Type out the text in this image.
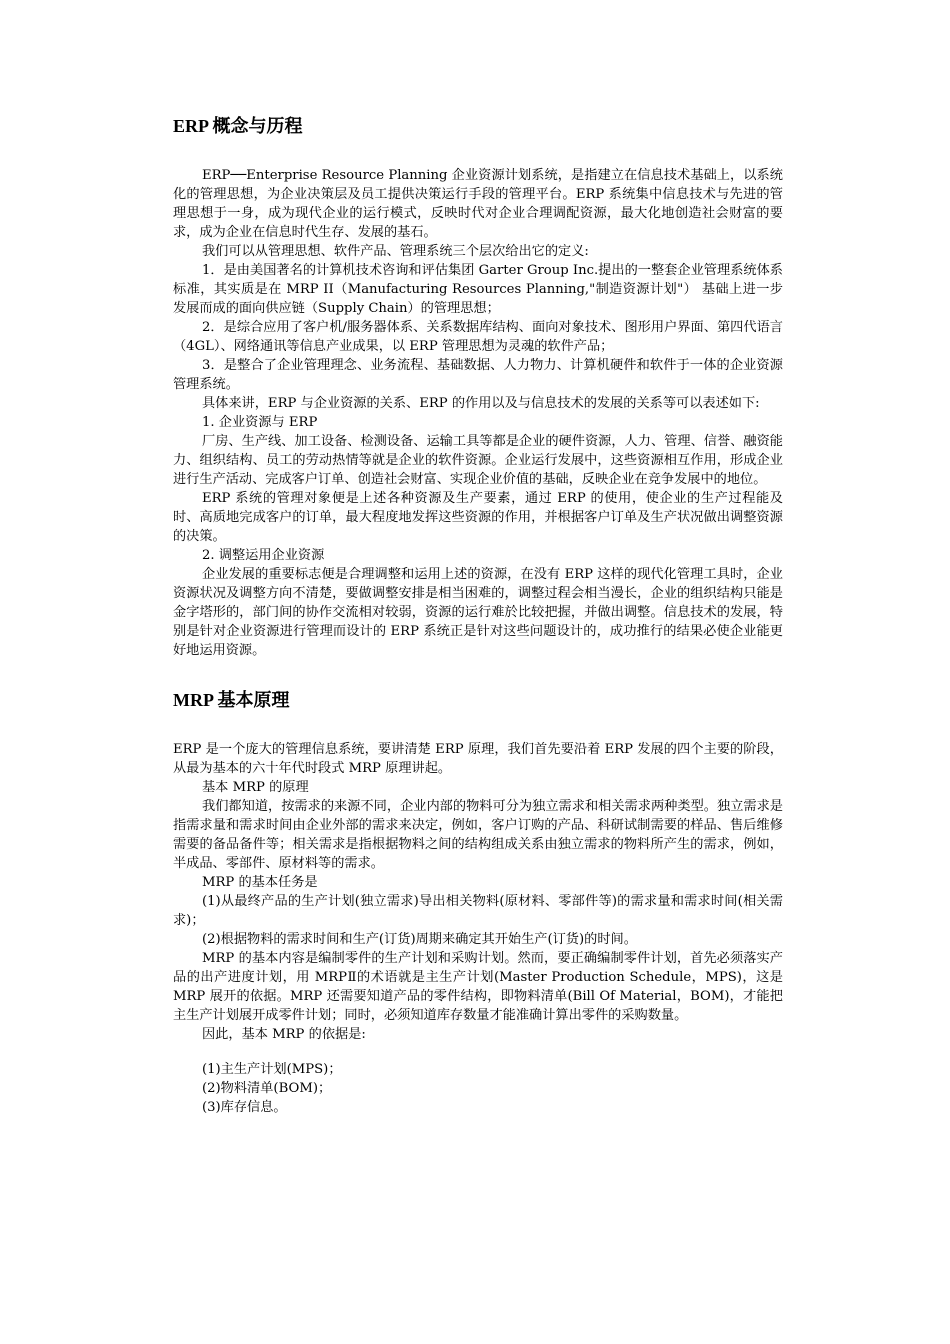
ERP 概念与历程

ERP──Enterprise Resource Planning 企业资源计划系统，是指建立在信息技术基础上，以系统化的管理思想，为企业决策层及员工提供决策运行手段的管理平台。ERP 系统集中信息技术与先进的管理思想于一身，成为现代企业的运行模式，反映时代对企业合理调配资源，最大化地创造社会财富的要求，成为企业在信息时代生存、发展的基石。

我们可以从管理思想、软件产品、管理系统三个层次给出它的定义:

1．是由美国著名的计算机技术咨询和评估集团 Garter Group Inc.提出的一整套企业管理系统体系标准，其实质是在 MRP II（Manufacturing Resources Planning,"制造资源计划"） 基础上进一步发展而成的面向供应链（Supply Chain）的管理思想；

2．是综合应用了客户机/服务器体系、关系数据库结构、面向对象技术、图形用户界面、第四代语言（4GL）、网络通讯等信息产业成果，以 ERP 管理思想为灵魂的软件产品；

3．是整合了企业管理理念、业务流程、基础数据、人力物力、计算机硬件和软件于一体的企业资源管理系统。

具体来讲，ERP 与企业资源的关系、ERP 的作用以及与信息技术的发展的关系等可以表述如下:

1. 企业资源与 ERP

厂房、生产线、加工设备、检测设备、运输工具等都是企业的硬件资源，人力、管理、信誉、融资能力、组织结构、员工的劳动热情等就是企业的软件资源。企业运行发展中，这些资源相互作用，形成企业进行生产活动、完成客户订单、创造社会财富、实现企业价值的基础，反映企业在竞争发展中的地位。

ERP 系统的管理对象便是上述各种资源及生产要素，通过 ERP 的使用，使企业的生产过程能及时、高质地完成客户的订单，最大程度地发挥这些资源的作用，并根据客户订单及生产状况做出调整资源的决策。

2. 调整运用企业资源

企业发展的重要标志便是合理调整和运用上述的资源，在没有 ERP 这样的现代化管理工具时，企业资源状况及调整方向不清楚，要做调整安排是相当困难的，调整过程会相当漫长，企业的组织结构只能是金字塔形的，部门间的协作交流相对较弱，资源的运行难於比较把握，并做出调整。信息技术的发展，特别是针对企业资源进行管理而设计的 ERP 系统正是针对这些问题设计的，成功推行的结果必使企业能更好地运用资源。

MRP 基本原理

ERP 是一个庞大的管理信息系统，要讲清楚 ERP 原理，我们首先要沿着 ERP 发展的四个主要的阶段，从最为基本的六十年代时段式 MRP 原理讲起。

基本 MRP 的原理

我们都知道，按需求的来源不同，企业内部的物料可分为独立需求和相关需求两种类型。独立需求是指需求量和需求时间由企业外部的需求来决定，例如，客户订购的产品、科研试制需要的样品、售后维修需要的备品备件等；相关需求是指根据物料之间的结构组成关系由独立需求的物料所产生的需求，例如，半成品、零部件、原材料等的需求。

MRP 的基本任务是

(1)从最终产品的生产计划(独立需求)导出相关物料(原材料、零部件等)的需求量和需求时间(相关需求)；

(2)根据物料的需求时间和生产(订货)周期来确定其开始生产(订货)的时间。

MRP 的基本内容是编制零件的生产计划和采购计划。然而，要正确编制零件计划，首先必须落实产品的出产进度计划，用 MRPⅡ的术语就是主生产计划(Master Production Schedule，MPS)，这是 MRP 展开的依据。MRP 还需要知道产品的零件结构，即物料清单(Bill Of Material，BOM)，才能把主生产计划展开成零件计划；同时，必须知道库存数量才能准确计算出零件的采购数量。

因此，基本 MRP 的依据是:

(1)主生产计划(MPS)；

(2)物料清单(BOM)；

(3)库存信息。
